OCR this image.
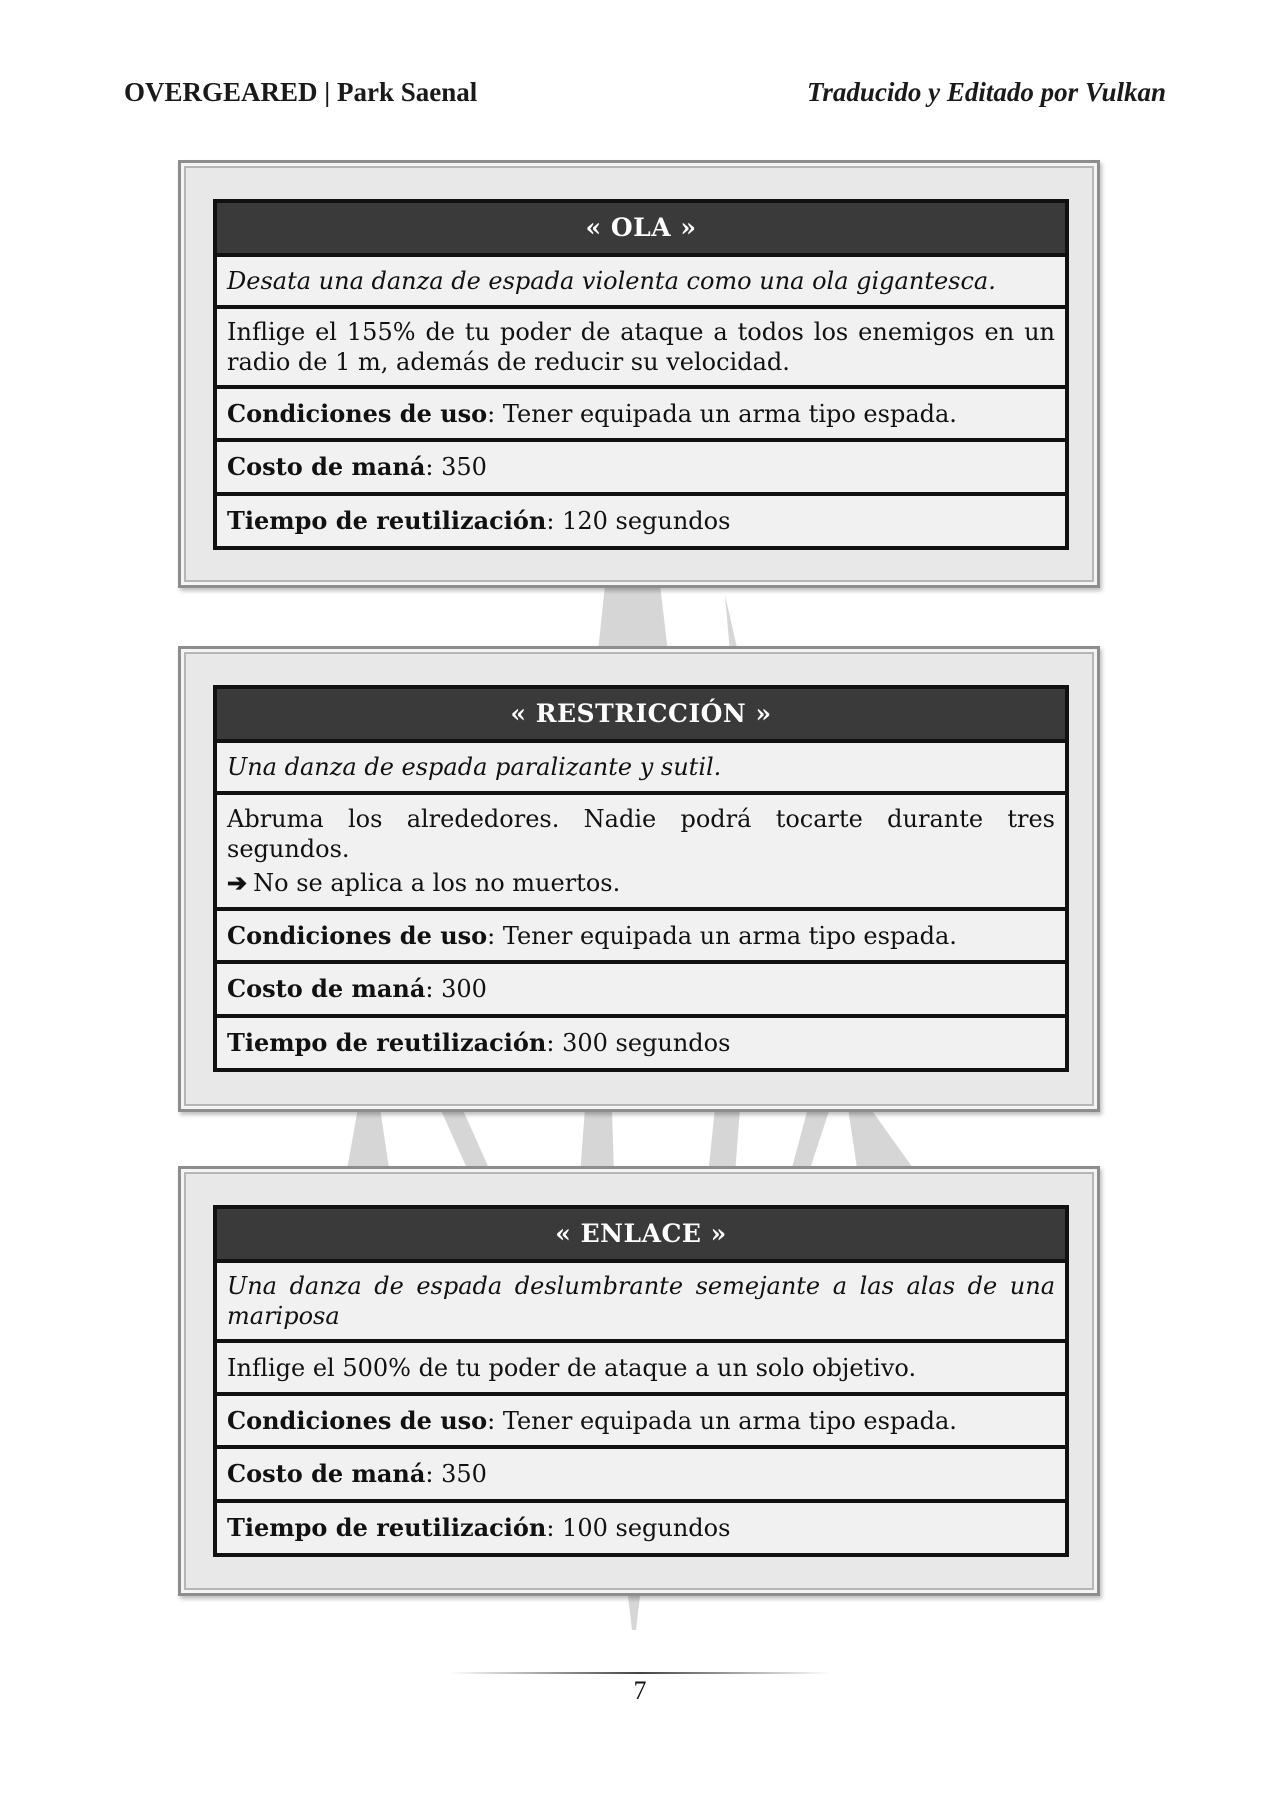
OVERGEARED | Park Saenal	Traducido y Editado por Vulkan
« OLA »
Desata una danza de espada violenta como una ola gigantesca.
Inflige el 155% de tu poder de ataque a todos los enemigos en un radio de 1 m, además de reducir su velocidad.
Condiciones de uso: Tener equipada un arma tipo espada.
Costo de maná: 350
Tiempo de reutilización: 120 segundos
« RESTRICCIÓN »
Una danza de espada paralizante y sutil.
Abruma los alrededores. Nadie podrá tocarte durante tres segundos.
➔ No se aplica a los no muertos.
Condiciones de uso: Tener equipada un arma tipo espada.
Costo de maná: 300
Tiempo de reutilización: 300 segundos
« ENLACE »
Una danza de espada deslumbrante semejante a las alas de una mariposa
Inflige el 500% de tu poder de ataque a un solo objetivo.
Condiciones de uso: Tener equipada un arma tipo espada.
Costo de maná: 350
Tiempo de reutilización: 100 segundos
7
